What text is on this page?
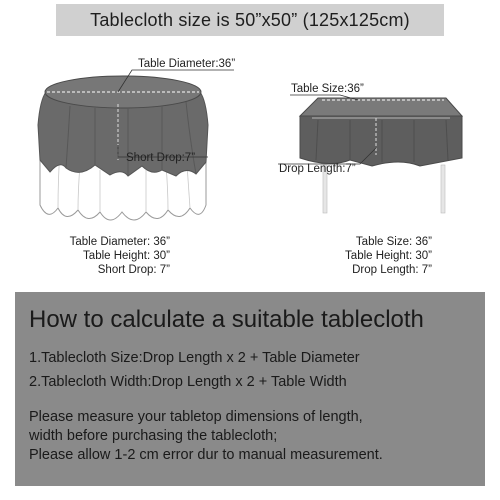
Tablecloth size is 50”x50” (125x125cm)
Table Diameter:36”
Short Drop:7”
Table Size:36”
Drop Length:7”
Table Diameter: 36”
Table Height: 30”
Short Drop: 7”
Table Size: 36”
Table Height: 30”
Drop Length: 7”
How to calculate a suitable tablecloth
1.Tablecloth Size:Drop Length x 2 + Table Diameter
2.Tablecloth Width:Drop Length x 2 + Table Width
Please measure your tabletop dimensions of length,
width before purchasing the tablecloth;
Please allow 1-2 cm error dur to manual measurement.
